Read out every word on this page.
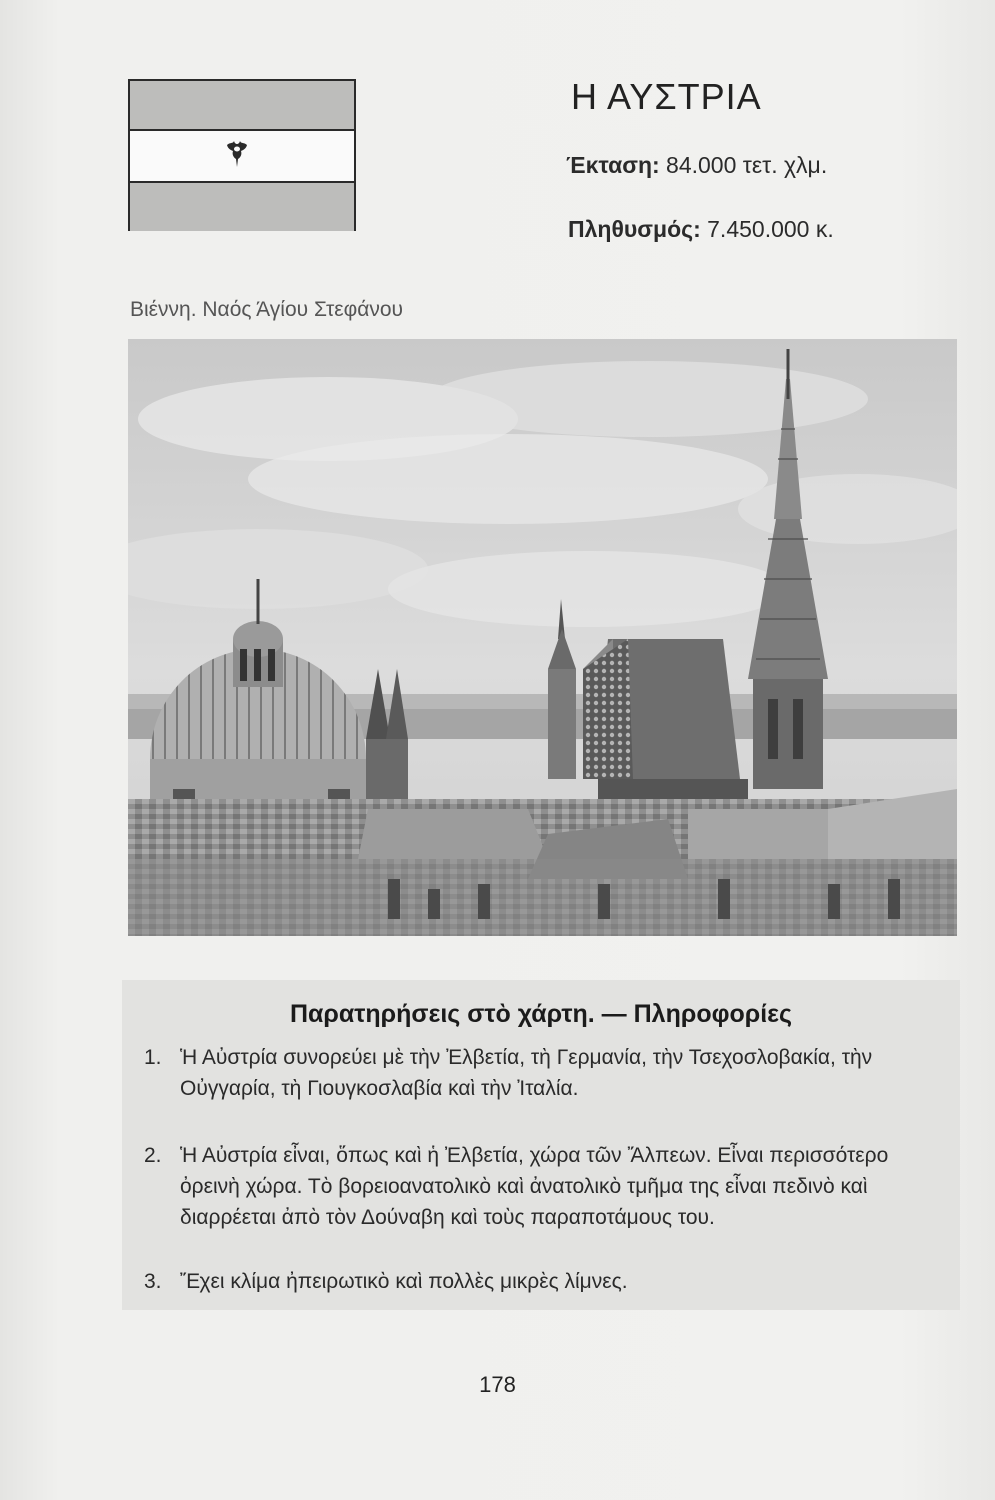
Η ΑΥΣΤΡΙΑ
Έκταση: 84.000 τετ. χλμ.
Πληθυσμός: 7.450.000 κ.
Βιέννη. Ναός Άγίου Στεφάνου
Παρατηρήσεις στὸ χάρτη. — Πληροφορίες
1. Ἡ Αὐστρία συνορεύει μὲ τὴν Ἐλβετία, τὴ Γερμανία, τὴν Τσεχοσλοβακία, τὴν Οὐγγαρία, τὴ Γιουγκοσλαβία καὶ τὴν Ἰταλία.
2. Ἡ Αὐστρία εἶναι, ὅπως καὶ ἡ Ἐλβετία, χώρα τῶν Ἄλπεων. Εἶναι περισσότερο ὀρεινὴ χώρα. Τὸ βορειοανατολικὸ καὶ ἀνατολικὸ τμῆμα της εἶναι πεδινὸ καὶ διαρρέεται ἀπὸ τὸν Δούναβη καὶ τοὺς παραποτάμους του.
3. Ἔχει κλίμα ἠπειρωτικὸ καὶ πολλὲς μικρὲς λίμνες.
178
